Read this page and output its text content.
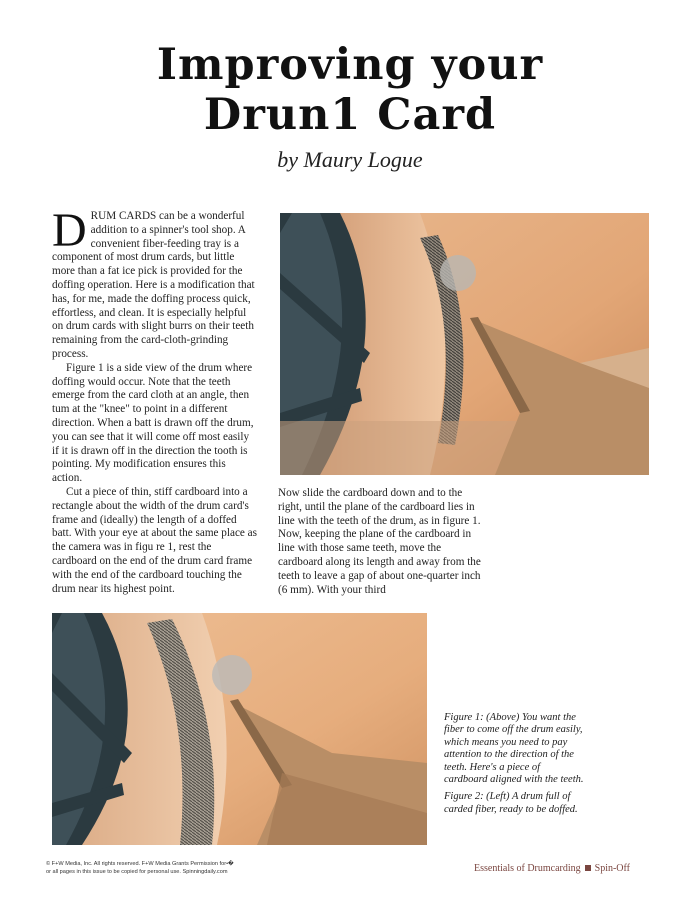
Improving your
Drun1 Card
by Maury Logue

DRUM CARDS can be a wonderful addition to a spinner's tool shop. A convenient fiber-feeding tray is a component of most drum cards, but little more than a fat ice pick is provided for the doffing operation. Here is a modification that has, for me, made the doffing process quick, effortless, and clean. It is especially helpful on drum cards with slight burrs on their teeth remaining from the card-cloth-grinding process.

Figure 1 is a side view of the drum where doffing would occur. Note that the teeth emerge from the card cloth at an angle, then tum at the "knee" to point in a different direction. When a batt is drawn off the drum, you can see that it will come off most easily if it is drawn off in the direction the tooth is pointing. My modification ensures this action.

Cut a piece of thin, stiff cardboard into a rectangle about the width of the drum card's frame and (ideally) the length of a doffed batt. With your eye at about the same place as the camera was in fiɡu re 1, rest the cardboard on the end of the drum card frame with the end of the cardboard touching the drum near its highest point.

Now slide the cardboard down and to the right, until the plane of the cardboard lies in line with the teeth of the drum, as in figure 1. Now, keeping the plane of the cardboard in line with those same teeth, move the cardboard along its length and away from the teeth to leave a gap of about one-quarter inch (6 mm). With your third

Figure 1: (Above) You want the fiber to come off the drum easily, which means you need to pay attention to the direction of the teeth. Here's a piece of cardboard aligned with the teeth.

Figure 2: (Left) A drum full of carded fiber, ready to be doffed.

© F+W Media, Inc. All rights reserved. F+W Media Grants Permission for•�
or all pages in this issue to be copied for personal use. Spinningdaily.com	Essentials of Drumcarding Spin-Off
